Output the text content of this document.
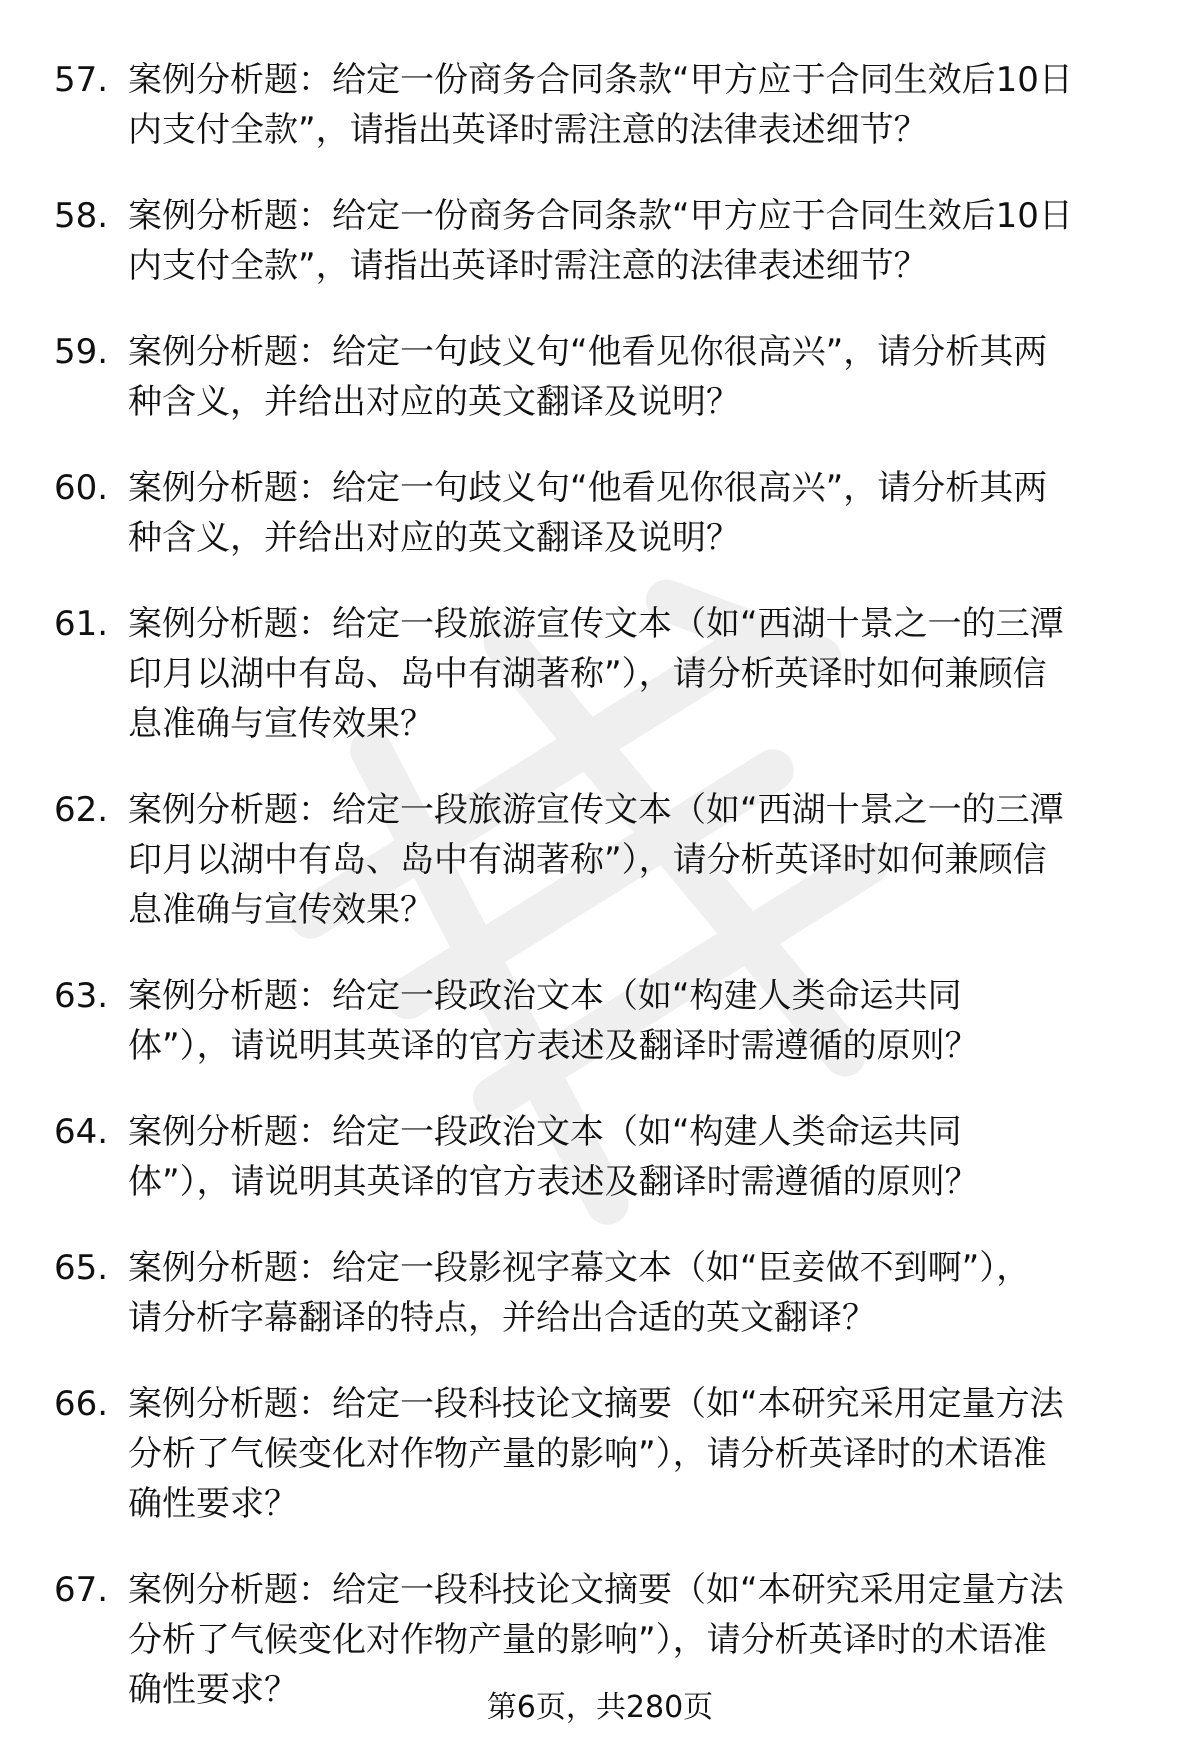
57. 案例分析题：给定一份商务合同条款“甲方应于合同生效后10日
内支付全款”，请指出英译时需注意的法律表述细节？
58. 案例分析题：给定一份商务合同条款“甲方应于合同生效后10日
内支付全款”，请指出英译时需注意的法律表述细节？
59. 案例分析题：给定一句歧义句“他看见你很高兴”，请分析其两
种含义，并给出对应的英文翻译及说明？
60. 案例分析题：给定一句歧义句“他看见你很高兴”，请分析其两
种含义，并给出对应的英文翻译及说明？
61. 案例分析题：给定一段旅游宣传文本（如“西湖十景之一的三潭
印月以湖中有岛、岛中有湖著称”），请分析英译时如何兼顾信
息准确与宣传效果？
62. 案例分析题：给定一段旅游宣传文本（如“西湖十景之一的三潭
印月以湖中有岛、岛中有湖著称”），请分析英译时如何兼顾信
息准确与宣传效果？
63. 案例分析题：给定一段政治文本（如“构建人类命运共同
体”），请说明其英译的官方表述及翻译时需遵循的原则？
64. 案例分析题：给定一段政治文本（如“构建人类命运共同
体”），请说明其英译的官方表述及翻译时需遵循的原则？
65. 案例分析题：给定一段影视字幕文本（如“臣妾做不到啊”），
请分析字幕翻译的特点，并给出合适的英文翻译？
66. 案例分析题：给定一段科技论文摘要（如“本研究采用定量方法
分析了气候变化对作物产量的影响”），请分析英译时的术语准
确性要求？
67. 案例分析题：给定一段科技论文摘要（如“本研究采用定量方法
分析了气候变化对作物产量的影响”），请分析英译时的术语准
确性要求？	第6页，共280页
